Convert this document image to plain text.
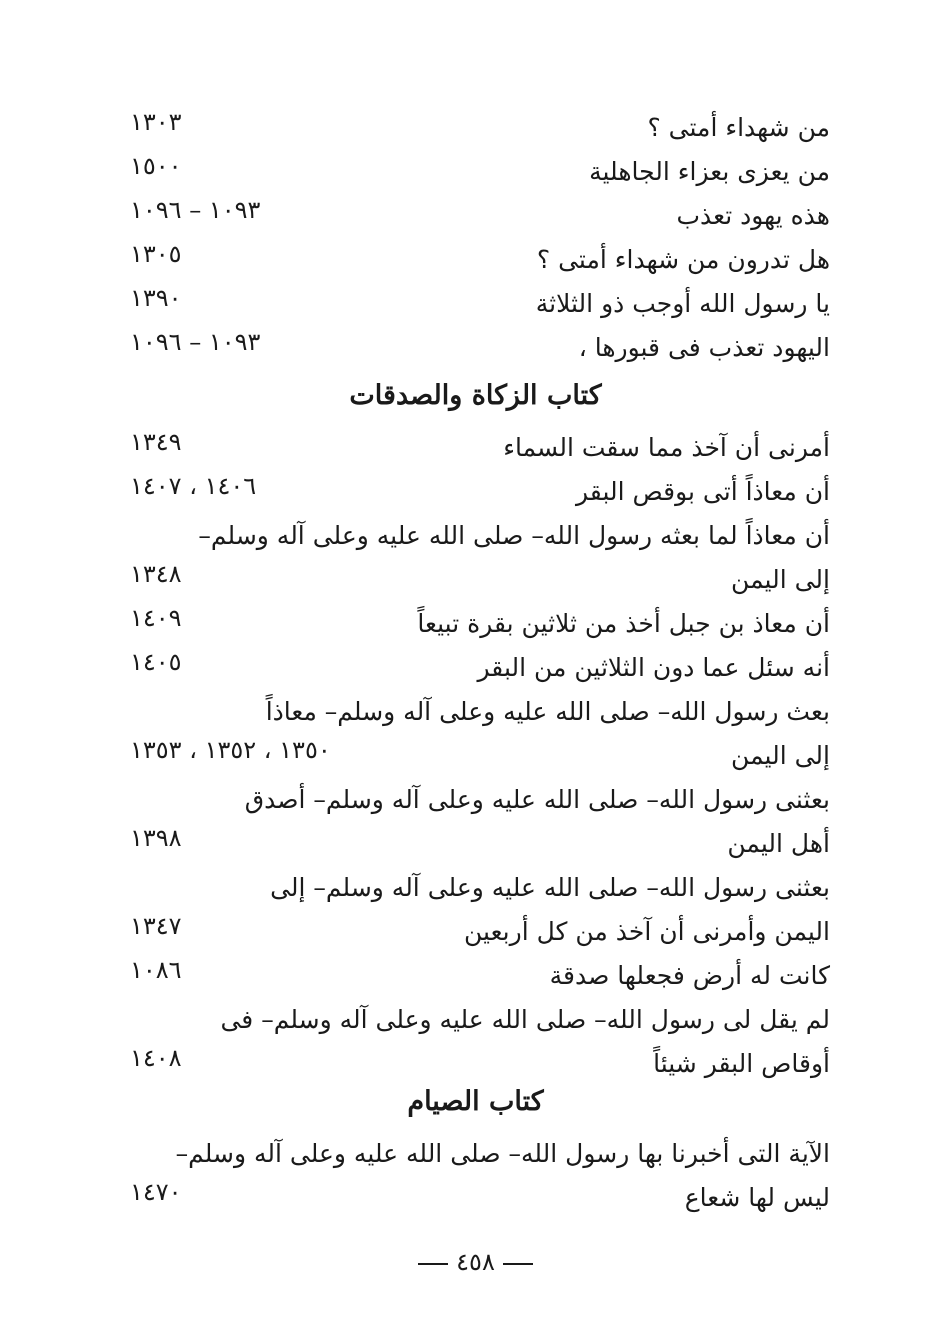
من شهداء أمتى ؟
١٣٠٣
من يعزى بعزاء الجاهلية
١٥٠٠
هذه يهود تعذب
١٠٩٣ – ١٠٩٦
هل تدرون من شهداء أمتى ؟
١٣٠٥
يا رسول الله أوجب ذو الثلاثة
١٣٩٠
اليهود تعذب فى قبورها ،
١٠٩٣ – ١٠٩٦
كتاب الزكاة والصدقات
أمرنى أن آخذ مما سقت السماء
١٣٤٩
أن معاذاً أتى بوقص البقر
١٤٠٦ ، ١٤٠٧
أن معاذاً لما بعثه رسول الله– صلى الله عليه وعلى آله وسلم–
إلى اليمن
١٣٤٨
أن معاذ بن جبل أخذ من ثلاثين بقرة تبيعاً
١٤٠٩
أنه سئل عما دون الثلاثين من البقر
١٤٠٥
بعث رسول الله– صلى الله عليه وعلى آله وسلم– معاذاً
إلى اليمن
١٣٥٠ ، ١٣٥٢ ، ١٣٥٣
بعثنى رسول الله– صلى الله عليه وعلى آله وسلم– أصدق
أهل اليمن
١٣٩٨
بعثنى رسول الله– صلى الله عليه وعلى آله وسلم– إلى
اليمن وأمرنى أن آخذ من كل أربعين
١٣٤٧
كانت له أرض فجعلها صدقة
١٠٨٦
لم يقل لى رسول الله– صلى الله عليه وعلى آله وسلم– فى
أوقاص البقر شيئاً
١٤٠٨
كتاب الصيام
الآية التى أخبرنا بها رسول الله– صلى الله عليه وعلى آله وسلم–
ليس لها شعاع
١٤٧٠
٤٥٨
